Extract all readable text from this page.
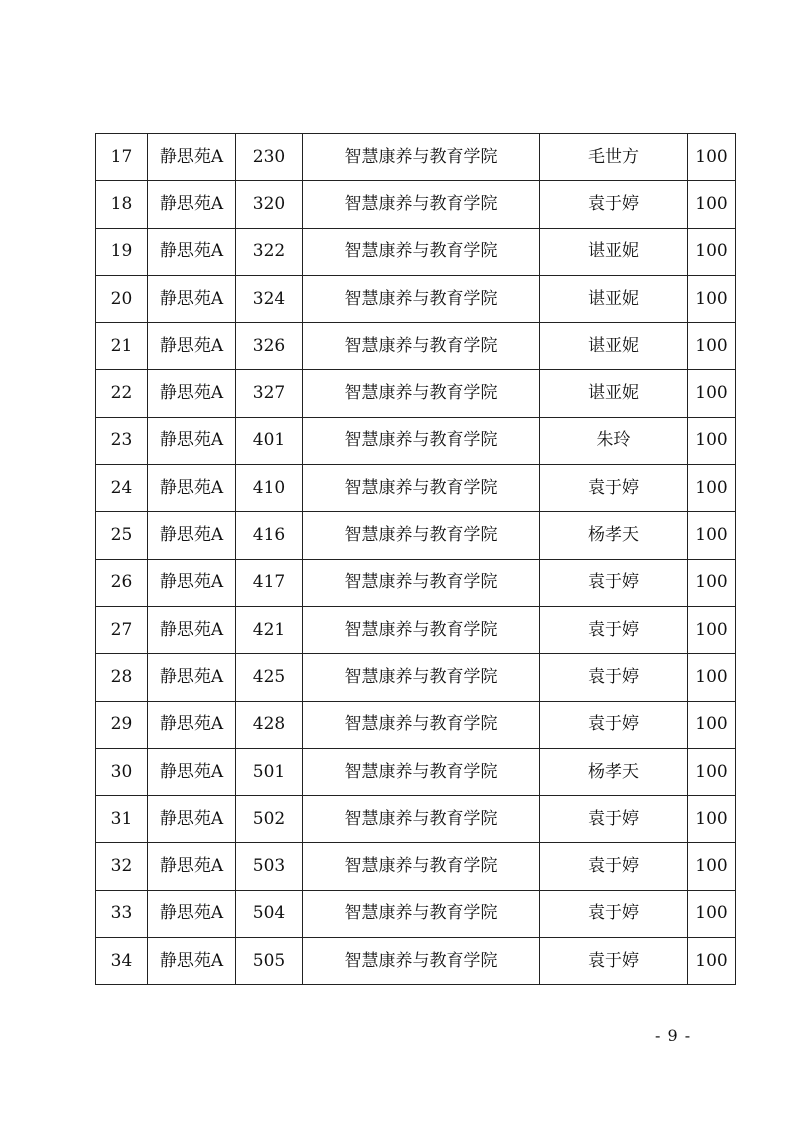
17	静思苑A	230	智慧康养与教育学院	毛世方	100
18	静思苑A	320	智慧康养与教育学院	袁于婷	100
19	静思苑A	322	智慧康养与教育学院	谌亚妮	100
20	静思苑A	324	智慧康养与教育学院	谌亚妮	100
21	静思苑A	326	智慧康养与教育学院	谌亚妮	100
22	静思苑A	327	智慧康养与教育学院	谌亚妮	100
23	静思苑A	401	智慧康养与教育学院	朱玲	100
24	静思苑A	410	智慧康养与教育学院	袁于婷	100
25	静思苑A	416	智慧康养与教育学院	杨孝天	100
26	静思苑A	417	智慧康养与教育学院	袁于婷	100
27	静思苑A	421	智慧康养与教育学院	袁于婷	100
28	静思苑A	425	智慧康养与教育学院	袁于婷	100
29	静思苑A	428	智慧康养与教育学院	袁于婷	100
30	静思苑A	501	智慧康养与教育学院	杨孝天	100
31	静思苑A	502	智慧康养与教育学院	袁于婷	100
32	静思苑A	503	智慧康养与教育学院	袁于婷	100
33	静思苑A	504	智慧康养与教育学院	袁于婷	100
34	静思苑A	505	智慧康养与教育学院	袁于婷	100
- 9 -
